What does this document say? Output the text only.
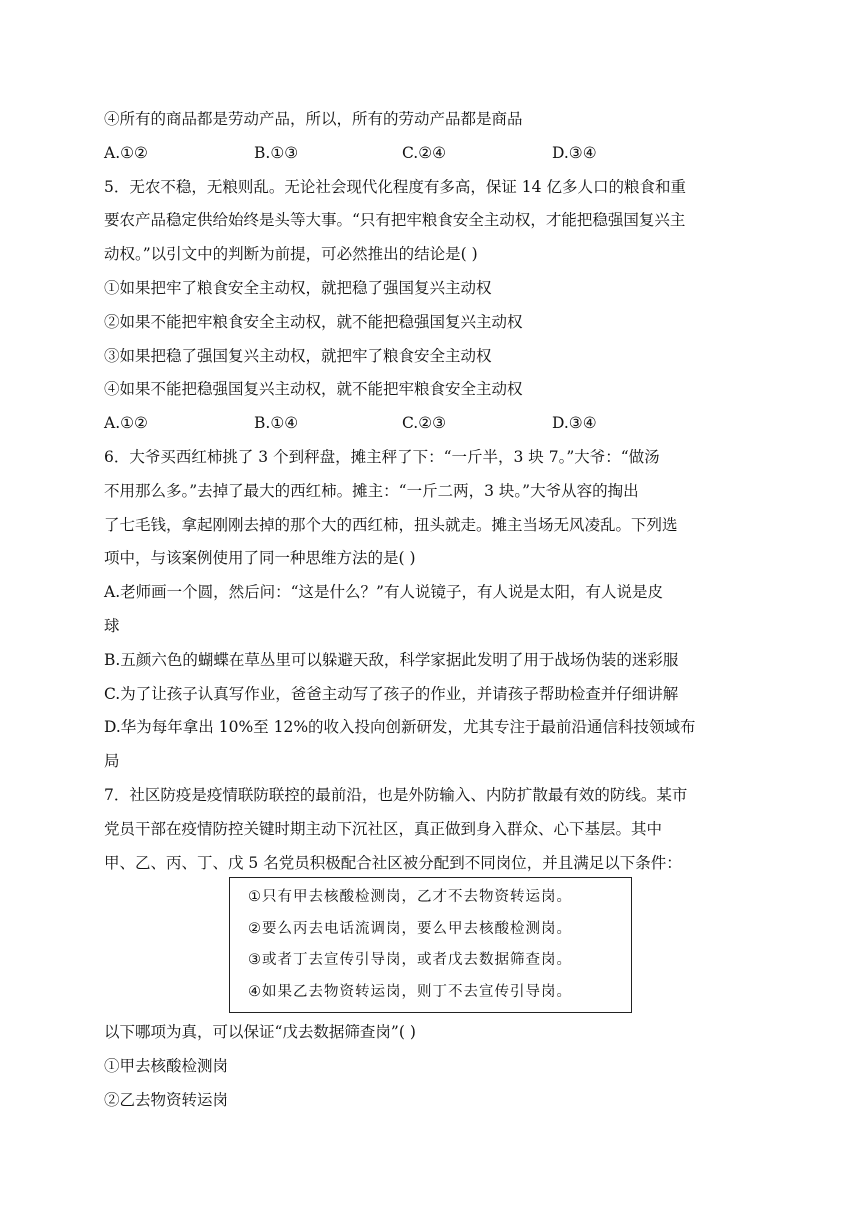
④所有的商品都是劳动产品，所以，所有的劳动产品都是商品
A.①②	B.①③	C.②④	D.③④
5．无农不稳，无粮则乱。无论社会现代化程度有多高，保证 14 亿多人口的粮食和重
要农产品稳定供给始终是头等大事。“只有把牢粮食安全主动权，才能把稳强国复兴主
动权。”以引文中的判断为前提，可必然推出的结论是( )
①如果把牢了粮食安全主动权，就把稳了强国复兴主动权
②如果不能把牢粮食安全主动权，就不能把稳强国复兴主动权
③如果把稳了强国复兴主动权，就把牢了粮食安全主动权
④如果不能把稳强国复兴主动权，就不能把牢粮食安全主动权
A.①②	B.①④	C.②③	D.③④
6．大爷买西红柿挑了 3 个到秤盘，摊主秤了下：“一斤半，3 块 7。”大爷：“做汤
不用那么多。”去掉了最大的西红柿。摊主：“一斤二两，3 块。”大爷从容的掏出
了七毛钱，拿起刚刚去掉的那个大的西红柿，扭头就走。摊主当场无风凌乱。下列选
项中，与该案例使用了同一种思维方法的是( )
A.老师画一个圆，然后问：“这是什么？”有人说镜子，有人说是太阳，有人说是皮
球
B.五颜六色的蝴蝶在草丛里可以躲避天敌，科学家据此发明了用于战场伪装的迷彩服
C.为了让孩子认真写作业，爸爸主动写了孩子的作业，并请孩子帮助检查并仔细讲解
D.华为每年拿出 10%至 12%的收入投向创新研发，尤其专注于最前沿通信科技领域布
局
7．社区防疫是疫情联防联控的最前沿，也是外防输入、内防扩散最有效的防线。某市
党员干部在疫情防控关键时期主动下沉社区，真正做到身入群众、心下基层。其中
甲、乙、丙、丁、戊 5 名党员积极配合社区被分配到不同岗位，并且满足以下条件：
①只有甲去核酸检测岗，乙才不去物资转运岗。
②要么丙去电话流调岗，要么甲去核酸检测岗。
③或者丁去宣传引导岗，或者戊去数据筛查岗。
④如果乙去物资转运岗，则丁不去宣传引导岗。
以下哪项为真，可以保证“戊去数据筛查岗”( )
①甲去核酸检测岗
②乙去物资转运岗
